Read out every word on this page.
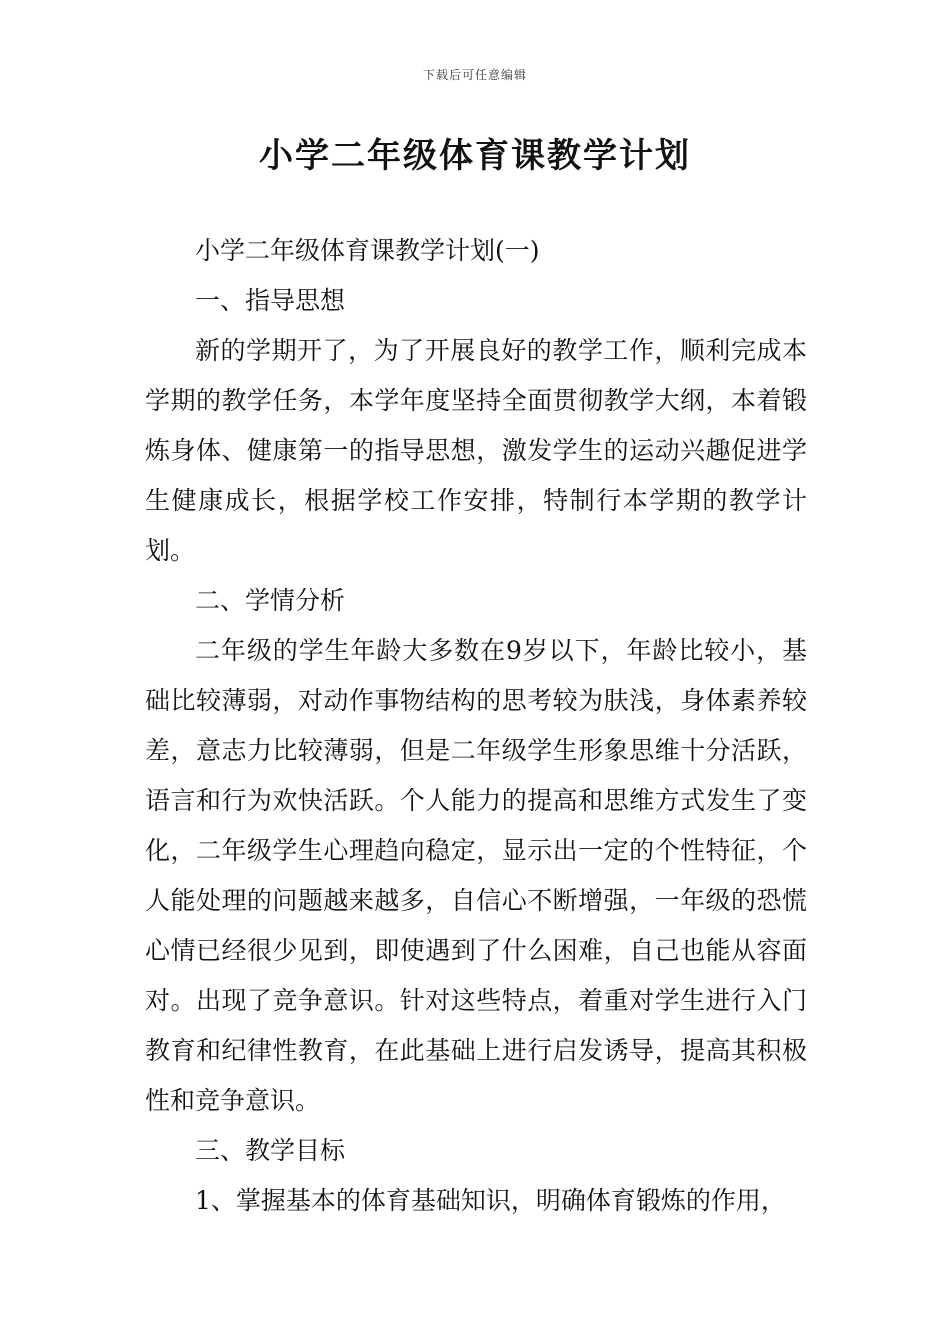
下载后可任意编辑
小学二年级体育课教学计划

小学二年级体育课教学计划(一)

一、指导思想

新的学期开了，为了开展良好的教学工作，顺利完成本学期的教学任务，本学年度坚持全面贯彻教学大纲，本着锻炼身体、健康第一的指导思想，激发学生的运动兴趣促进学生健康成长，根据学校工作安排，特制行本学期的教学计划。

二、学情分析

二年级的学生年龄大多数在9岁以下，年龄比较小，基础比较薄弱，对动作事物结构的思考较为肤浅，身体素养较差，意志力比较薄弱，但是二年级学生形象思维十分活跃，语言和行为欢快活跃。个人能力的提高和思维方式发生了变化，二年级学生心理趋向稳定，显示出一定的个性特征，个人能处理的问题越来越多，自信心不断增强，一年级的恐慌心情已经很少见到，即使遇到了什么困难，自己也能从容面对。出现了竞争意识。针对这些特点，着重对学生进行入门教育和纪律性教育，在此基础上进行启发诱导，提高其积极性和竞争意识。

三、教学目标

1、掌握基本的体育基础知识，明确体育锻炼的作用，
